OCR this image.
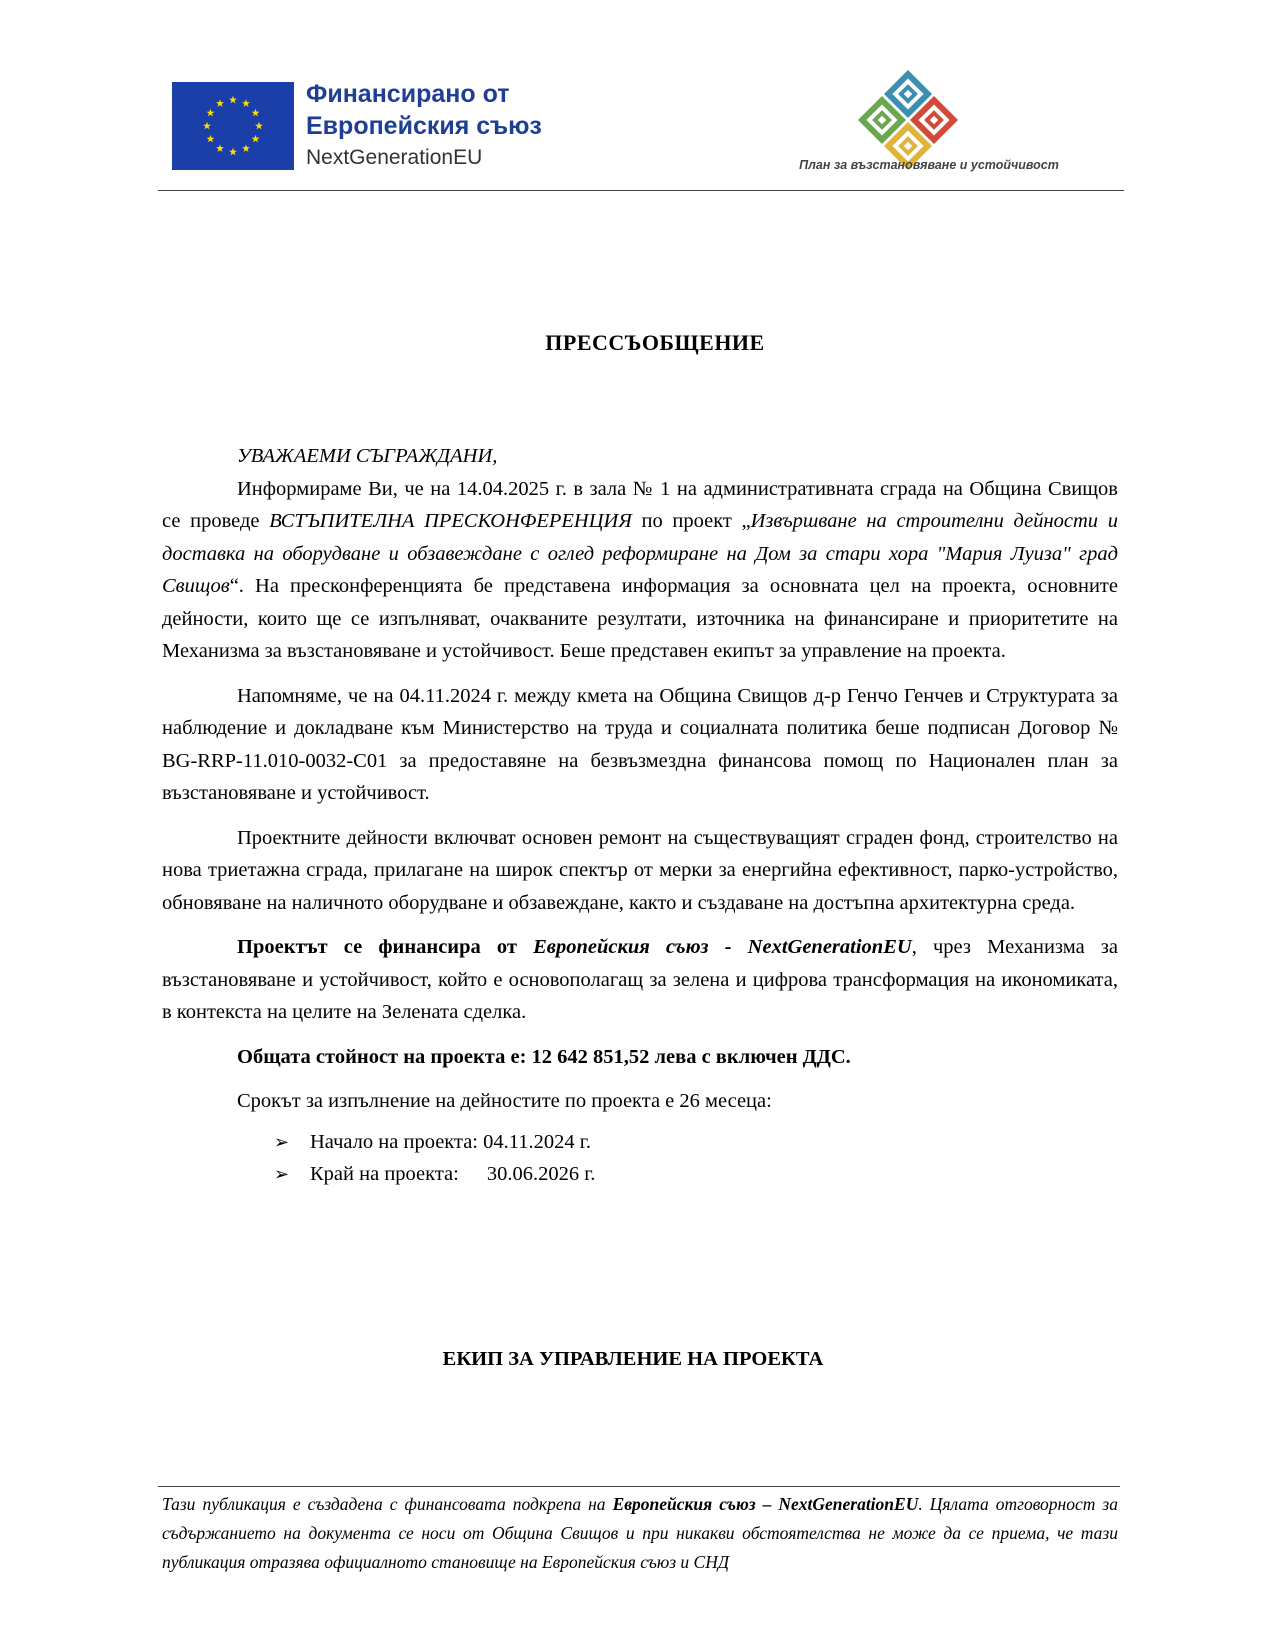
Финансирано от
Европейския съюз
NextGenerationEU	План за възстановяване и устойчивост
ПРЕССЪОБЩЕНИЕ

УВАЖАЕМИ СЪГРАЖДАНИ,

Информираме Ви, че на 14.04.2025 г. в зала № 1 на административната сграда на Община Свищов се проведе ВСТЪПИТЕЛНА ПРЕСКОНФЕРЕНЦИЯ по проект „Извършване на строителни дейности и доставка на оборудване и обзавеждане с оглед реформиране на Дом за стари хора "Мария Луиза" град Свищов“. На пресконференцията бе представена информация за основната цел на проекта, основните дейности, които ще се изпълняват, очакваните резултати, източника на финансиране и приоритетите на Механизма за възстановяване и устойчивост. Беше представен екипът за управление на проекта.

Напомняме, че на 04.11.2024 г. между кмета на Община Свищов д-р Генчо Генчев и Структурата за наблюдение и докладване към Министерство на труда и социалната политика беше подписан Договор № BG-RRP-11.010-0032-C01 за предоставяне на безвъзмездна финансова помощ по Национален план за възстановяване и устойчивост.

Проектните дейности включват основен ремонт на съществуващият сграден фонд, строителство на нова триетажна сграда, прилагане на широк спектър от мерки за енергийна ефективност, парко-устройство, обновяване на наличното оборудване и обзавеждане, както и създаване на достъпна архитектурна среда.

Проектът се финансира от Европейския съюз - NextGenerationEU, чрез Механизма за възстановяване и устойчивост, който е основополагащ за зелена и цифрова трансформация на икономиката, в контекста на целите на Зелената сделка.

Общата стойност на проекта е: 12 642 851,52 лева с включен ДДС.

Срокът за изпълнение на дейностите по проекта е 26 месеца:

➢ Начало на проекта: 04.11.2024 г.
➢ Край на проекта: 30.06.2026 г.
ЕКИП ЗА УПРАВЛЕНИЕ НА ПРОЕКТА
Тази публикация е създадена с финансовата подкрепа на Европейския съюз – NextGenerationEU. Цялата отговорност за съдържанието на документа се носи от Община Свищов и при никакви обстоятелства не може да се приема, че тази публикация отразява официалното становище на Европейския съюз и СНД
